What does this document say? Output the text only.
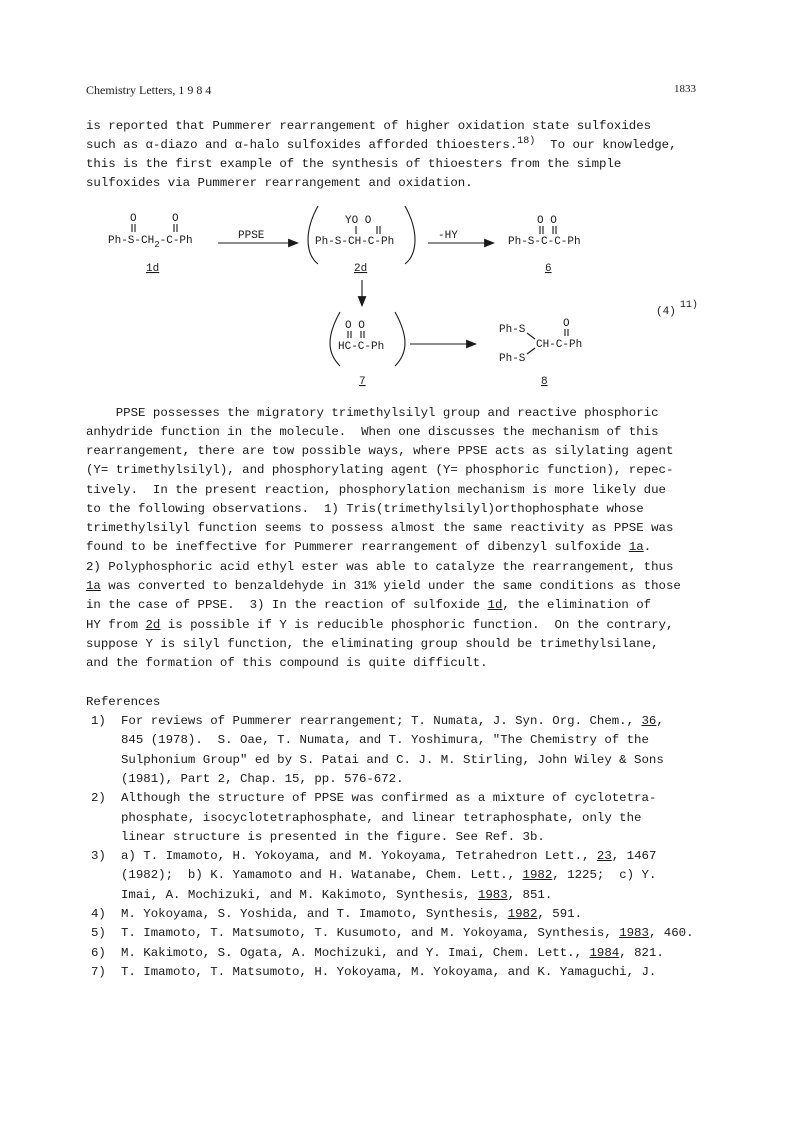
Chemistry Letters, 1 9 8 4	1833
is reported that Pummerer rearrangement of higher oxidation state sulfoxides
such as α-diazo and α-halo sulfoxides afforded thioesters.$^{18)}$  To our knowledge,
this is the first example of the synthesis of thioesters from the simple
sulfoxides via Pummerer rearrangement and oxidation.
O	O
$Ph-S-CH_2-C-Ph$
1d
PPSE
YO O
Ph-S-CH-C-Ph
2d
-HY
O O
Ph-S-C-C-Ph
6
(4)11)
O O
HC-C-Ph
7
Ph-S
Ph-S
O
CH-C-Ph
8
PPSE possesses the migratory trimethylsilyl group and reactive phosphoric
anhydride function in the molecule.  When one discusses the mechanism of this
rearrangement, there are tow possible ways, where PPSE acts as silylating agent
(Y= trimethylsilyl), and phosphorylating agent (Y= phosphoric function), repec-
tively.  In the present reaction, phosphorylation mechanism is more likely due
to the following observations.  1) Tris(trimethylsilyl)orthophosphate whose
trimethylsilyl function seems to possess almost the same reactivity as PPSE was
found to be ineffective for Pummerer rearrangement of dibenzyl sulfoxide 1a.
2) Polyphosphoric acid ethyl ester was able to catalyze the rearrangement, thus
1a was converted to benzaldehyde in 31% yield under the same conditions as those
in the case of PPSE.  3) In the reaction of sulfoxide 1d, the elimination of
HY from 2d is possible if Y is reducible phosphoric function.  On the contrary,
suppose Y is silyl function, the eliminating group should be trimethylsilane,
and the formation of this compound is quite difficult.
References
1) For reviews of Pummerer rearrangement; T. Numata, J. Syn. Org. Chem., 36,
845 (1978).  S. Oae, T. Numata, and T. Yoshimura, "The Chemistry of the
Sulphonium Group" ed by S. Patai and C. J. M. Stirling, John Wiley & Sons
(1981), Part 2, Chap. 15, pp. 576-672.
2) Although the structure of PPSE was confirmed as a mixture of cyclotetra-
phosphate, isocyclotetraphosphate, and linear tetraphosphate, only the
linear structure is presented in the figure. See Ref. 3b.
3) a) T. Imamoto, H. Yokoyama, and M. Yokoyama, Tetrahedron Lett., 23, 1467
(1982);  b) K. Yamamoto and H. Watanabe, Chem. Lett., 1982, 1225;  c) Y.
Imai, A. Mochizuki, and M. Kakimoto, Synthesis, 1983, 851.
4) M. Yokoyama, S. Yoshida, and T. Imamoto, Synthesis, 1982, 591.
5) T. Imamoto, T. Matsumoto, T. Kusumoto, and M. Yokoyama, Synthesis, 1983, 460.
6) M. Kakimoto, S. Ogata, A. Mochizuki, and Y. Imai, Chem. Lett., 1984, 821.
7) T. Imamoto, T. Matsumoto, H. Yokoyama, M. Yokoyama, and K. Yamaguchi, J.
